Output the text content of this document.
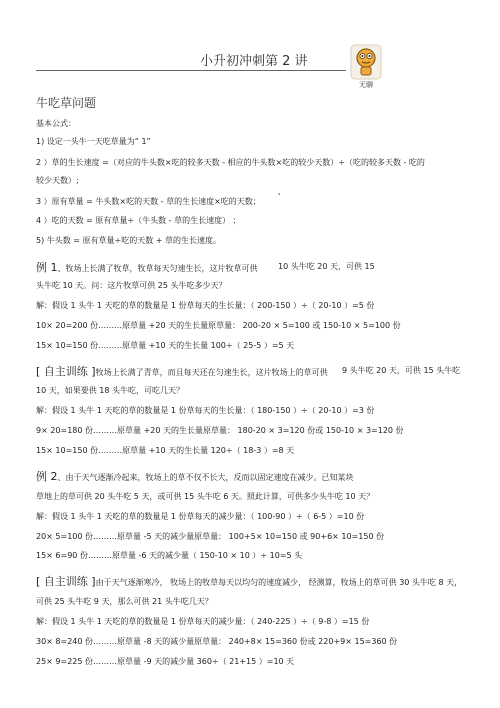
小升初冲刺第 2 讲
无聊
牛吃草问题
基本公式：
1) 设定一头牛一天吃草量为“ 1”
2 ）草的生长速度 =（对应的牛头数×吃的较多天数 - 相应的牛头数×吃的较少天数）÷（吃的较多天数 - 吃的
较少天数）;
3 ）原有草量 = 牛头数×吃的天数 - 草的生长速度×吃的天数；
'
4 ）吃的天数 = 原有草量÷（牛头数 - 草的生长速度） ；
5) 牛头数 = 原有草量÷吃的天数 + 草的生长速度。
例 1、牧场上长满了牧草，牧草每天匀速生长，这片牧草可供	10 头牛吃 20 天，可供 15
头牛吃 10 天。问：这片牧草可供 25 头牛吃多少天？
解：假设 1 头牛 1 天吃的草的数量是 1 份草每天的生长量：（ 200-150 ）÷（ 20-10 ）=5 份
10× 20=200 份………原草量 +20 天的生长量原草量： 200-20 × 5=100 或 150-10 × 5=100 份
15× 10=150 份………原草量 +10 天的生长量 100÷（ 25-5 ）=5 天
[ 自主训练 ]牧场上长满了青草，而且每天还在匀速生长，这片牧场上的草可供 9 头牛吃 20 天，可供 15 头牛吃
10 天，如果要供 18 头牛吃，可吃几天？
解：假设 1 头牛 1 天吃的草的数量是 1 份草每天的生长量：（ 180-150 ）÷（ 20-10 ）=3 份
9× 20=180 份………原草量 +20 天的生长量原草量： 180-20 × 3=120 份或 150-10 × 3=120 份
15× 10=150 份………原草量 +10 天的生长量 120÷（ 18-3 ）=8 天
例 2、由于天气逐渐冷起来，牧场上的草不仅不长大，反而以固定速度在减少。已知某块
草地上的草可供 20 头牛吃 5 天，或可供 15 头牛吃 6 天。照此计算，可供多少头牛吃 10 天？
解：假设 1 头牛 1 天吃的草的数量是 1 份草每天的减少量：（ 100-90 ）÷（ 6-5 ）=10 份
20× 5=100 份………原草量 -5 天的减少量原草量： 100+5× 10=150 或 90+6× 10=150 份
15× 6=90 份………原草量 -6 天的减少量（ 150-10 × 10 ）÷ 10=5 头
[ 自主训练 ]由于天气逐渐寒冷， 牧场上的牧草每天以均匀的速度减少， 经测算，牧场上的草可供 30 头牛吃 8 天，
可供 25 头牛吃 9 天，那么可供 21 头牛吃几天？
解：假设 1 头牛 1 天吃的草的数量是 1 份草每天的减少量：（ 240-225 ）÷（ 9-8 ）=15 份
30× 8=240 份………原草量 -8 天的减少量原草量： 240+8× 15=360 份或 220+9× 15=360 份
25× 9=225 份………原草量 -9 天的减少量 360÷（ 21+15 ）=10 天
